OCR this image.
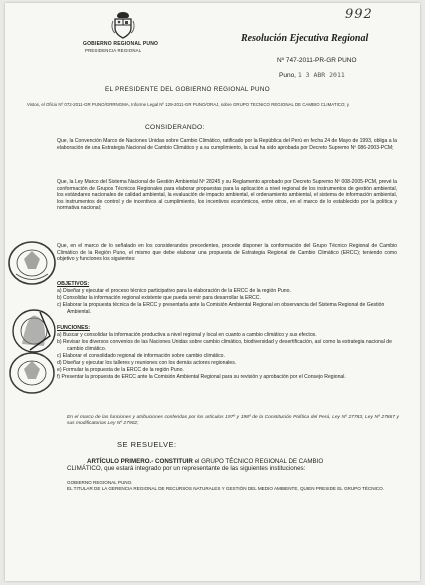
992
GOBIERNO REGIONAL PUNO
PRESIDENCIA REGIONAL
Resolución Ejecutiva Regional
Nº 747-2011-PR-GR PUNO
Puno, 1 3 ABR 2011
EL PRESIDENTE DEL GOBIERNO REGIONAL PUNO
Vistos, el Oficio Nº 072-2011-GR PUNO/GRRNGMA, Informe Legal Nº 129-2011-GR PUNO/ORAJ, sobre GRUPO TECNICO REGIONAL DE CAMBIO CLIMATICO; y
CONSIDERANDO:
Que, la Convención Marco de Naciones Unidas sobre Cambio Climático, ratificado por la República del Perú en fecha 24 de Mayo de 1993, obliga a la elaboración de una Estrategia Nacional de Cambio Climático y a su cumplimiento, la cual ha sido aprobada por Decreto Supremo Nº 086-2003-PCM;
Que, la Ley Marco del Sistema Nacional de Gestión Ambiental Nº 28245 y su Reglamento aprobado por Decreto Supremo Nº 008-2005-PCM, prevé la conformación de Grupos Técnicos Regionales para elaborar propuestas para la aplicación a nivel regional de los instrumentos de gestión ambiental, los estándares nacionales de calidad ambiental, la evaluación de impacto ambiental, el ordenamiento ambiental, el sistema de información ambiental, los instrumentos de control y de incentivos al cumplimiento, los incentivos económicos, entre otros, en el marco de lo establecido por la política y normativa nacional;
Que, en el marco de lo señalado en los considerandos precedentes, procede disponer la conformación del Grupo Técnico Regional de Cambio Climático de la Región Puno, el mismo que debe elaborar una propuesta de Estrategia Regional de Cambio Climático (ERCC); teniendo como objetivo y funciones los siguientes:
OBJETIVOS:
a) Diseñar y ejecutar el proceso técnico participativo para la elaboración de la ERCC de la región Puno.
b) Consolidar la información regional existente que pueda servir para desarrollar la ERCC.
c) Elaborar la propuesta técnica de la ERCC y presentarla ante la Comisión Ambiental Regional en observancia del Sistema Regional de Gestión Ambiental.
FUNCIONES:
a) Buscar y consolidar la información productiva a nivel regional y local en cuanto a cambio climático y sus efectos.
b) Revisar los diversos convenios de las Naciones Unidas sobre cambio climático, biodiversidad y desertificación, así como la estrategia nacional de cambio climático.
c) Elaborar el consolidado regional de información sobre cambio climático.
d) Diseñar y ejecutar los talleres y reuniones con los demás actores regionales.
e) Formular la propuesta de la ERCC de la región Puno.
f) Presentar la propuesta de ERCC ante la Comisión Ambiental Regional para su revisión y aprobación por el Consejo Regional.
En el marco de las funciones y atribuciones conferidas por los artículos 197º y 198º de la Constitución Política del Perú, Ley Nº 27783, Ley Nº 27867 y sus modificatorias Ley Nº 27902;
SE RESUELVE:
ARTÍCULO PRIMERO.- CONSTITUIR el GRUPO TÉCNICO REGIONAL DE CAMBIO
CLIMÁTICO, que estará integrado por un representante de las siguientes instituciones:
GOBIERNO REGIONAL PUNO.
EL TITULAR DE LA GERENCIA REGIONAL DE RECURSOS NATURALES Y GESTIÓN DEL MEDIO AMBIENTE, QUIEN PRESIDE EL GRUPO TÉCNICO.
